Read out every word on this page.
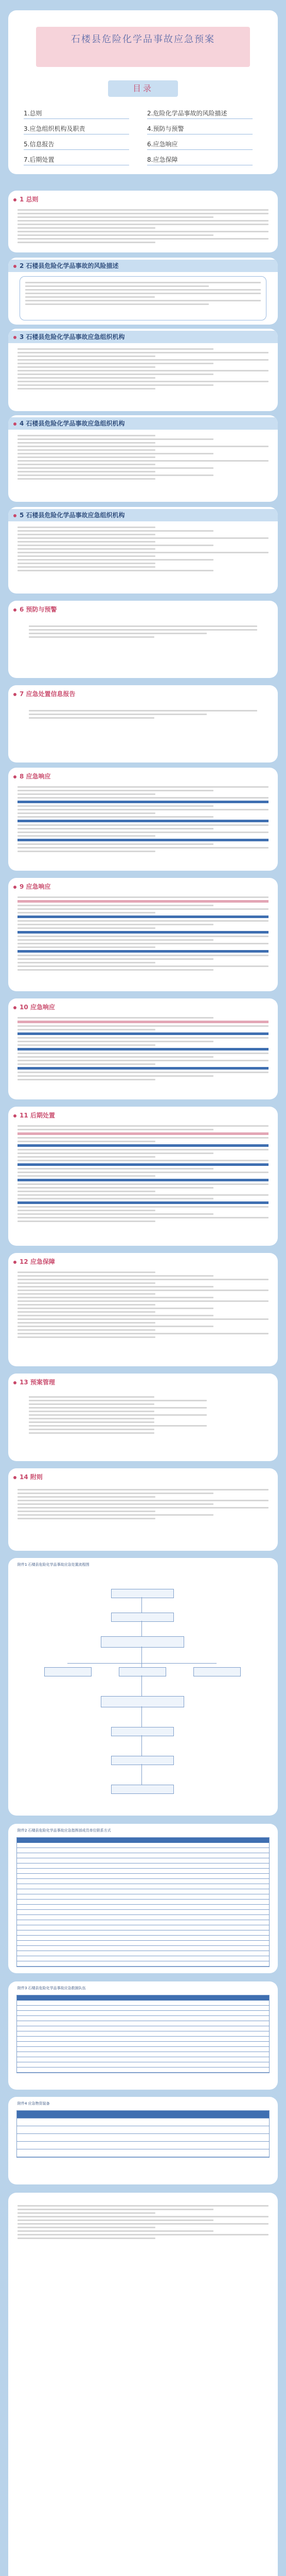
石楼县危险化学品事故应急预案
目录
1.总则	2.危险化学品事故的风险描述
3.应急组织机构及职责	4.预防与预警
5.信息报告	6.应急响应
7.后期处置	8.应急保障
1 总则
2 石楼县危险化学品事故的风险描述
3 石楼县危险化学品事故应急组织机构
4 石楼县危险化学品事故应急组织机构
5 石楼县危险化学品事故应急组织机构
6 预防与预警
7 应急处置信息报告
8 应急响应
9 应急响应
10 应急响应
11 后期处置
12 应急保障
13 预案管理
14 附则
附件1 石楼县危险化学品事故应急处置流程图
附件2 石楼县危险化学品事故应急指挥部成员单位联系方式
附件3 石楼县危险化学品事故应急救援队伍
附件4 应急物资装备
